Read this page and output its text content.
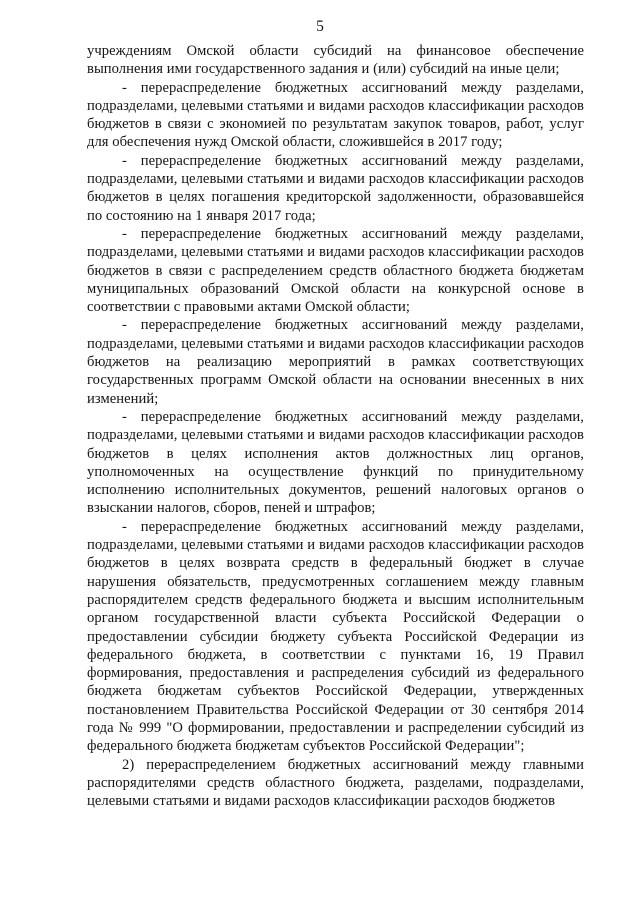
5

учреждениям Омской области субсидий на финансовое обеспечение выполнения ими государственного задания и (или) субсидий на иные цели;

- перераспределение бюджетных ассигнований между разделами, подразделами, целевыми статьями и видами расходов классификации расходов бюджетов в связи с экономией по результатам закупок товаров, работ, услуг для обеспечения нужд Омской области, сложившейся в 2017 году;

- перераспределение бюджетных ассигнований между разделами, подразделами, целевыми статьями и видами расходов классификации расходов бюджетов в целях погашения кредиторской задолженности, образовавшейся по состоянию на 1 января 2017 года;

- перераспределение бюджетных ассигнований между разделами, подразделами, целевыми статьями и видами расходов классификации расходов бюджетов в связи с распределением средств областного бюджета бюджетам муниципальных образований Омской области на конкурсной основе в соответствии с правовыми актами Омской области;

- перераспределение бюджетных ассигнований между разделами, подразделами, целевыми статьями и видами расходов классификации расходов бюджетов на реализацию мероприятий в рамках соответствующих государственных программ Омской области на основании внесенных в них изменений;

- перераспределение бюджетных ассигнований между разделами, подразделами, целевыми статьями и видами расходов классификации расходов бюджетов в целях исполнения актов должностных лиц органов, уполномоченных на осуществление функций по принудительному исполнению исполнительных документов, решений налоговых органов о взыскании налогов, сборов, пеней и штрафов;

- перераспределение бюджетных ассигнований между разделами, подразделами, целевыми статьями и видами расходов классификации расходов бюджетов в целях возврата средств в федеральный бюджет в случае нарушения обязательств, предусмотренных соглашением между главным распорядителем средств федерального бюджета и высшим исполнительным органом государственной власти субъекта Российской Федерации о предоставлении субсидии бюджету субъекта Российской Федерации из федерального бюджета, в соответствии с пунктами 16, 19 Правил формирования, предоставления и распределения субсидий из федерального бюджета бюджетам субъектов Российской Федерации, утвержденных постановлением Правительства Российской Федерации от 30 сентября 2014 года № 999 "О формировании, предоставлении и распределении субсидий из федерального бюджета бюджетам субъектов Российской Федерации";

2) перераспределением бюджетных ассигнований между главными распорядителями средств областного бюджета, разделами, подразделами, целевыми статьями и видами расходов классификации расходов бюджетов
